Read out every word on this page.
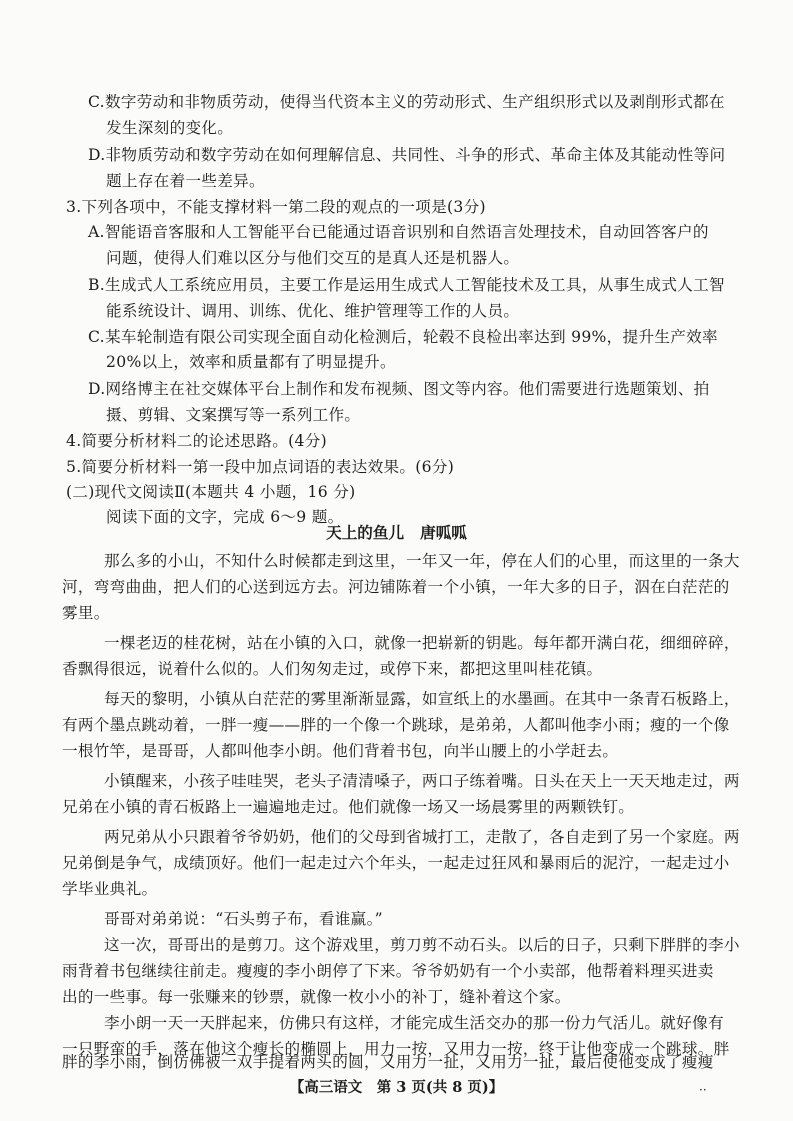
C.数字劳动和非物质劳动，使得当代资本主义的劳动形式、生产组织形式以及剥削形式都在
发生深刻的变化。
D.非物质劳动和数字劳动在如何理解信息、共同性、斗争的形式、革命主体及其能动性等问
题上存在着一些差异。
3.下列各项中，不能支撑材料一第二段的观点的一项是(3分)
A.智能语音客服和人工智能平台已能通过语音识别和自然语言处理技术，自动回答客户的
问题，使得人们难以区分与他们交互的是真人还是机器人。
B.生成式人工系统应用员，主要工作是运用生成式人工智能技术及工具，从事生成式人工智
能系统设计、调用、训练、优化、维护管理等工作的人员。
C.某车轮制造有限公司实现全面自动化检测后，轮毂不良检出率达到 99%，提升生产效率
20%以上，效率和质量都有了明显提升。
D.网络博主在社交媒体平台上制作和发布视频、图文等内容。他们需要进行选题策划、拍
摄、剪辑、文案撰写等一系列工作。
4.简要分析材料二的论述思路。(4分)
5.简要分析材料一第一段中加点词语的表达效果。(6分)
(二)现代文阅读Ⅱ(本题共 4 小题，16 分)
阅读下面的文字，完成 6～9 题。
天上的鱼儿 唐呱呱
那么多的小山，不知什么时候都走到这里，一年又一年，停在人们的心里，而这里的一条大
河，弯弯曲曲，把人们的心送到远方去。河边铺陈着一个小镇，一年大多的日子，泅在白茫茫的
雾里。
一棵老迈的桂花树，站在小镇的入口，就像一把崭新的钥匙。每年都开满白花，细细碎碎，
香飘得很远，说着什么似的。人们匆匆走过，或停下来，都把这里叫桂花镇。
每天的黎明，小镇从白茫茫的雾里渐渐显露，如宣纸上的水墨画。在其中一条青石板路上，
有两个墨点跳动着，一胖一瘦——胖的一个像一个跳球，是弟弟，人都叫他李小雨；瘦的一个像
一根竹竿，是哥哥，人都叫他李小朗。他们背着书包，向半山腰上的小学赶去。
小镇醒来，小孩子哇哇哭，老头子清清嗓子，两口子练着嘴。日头在天上一天天地走过，两
兄弟在小镇的青石板路上一遍遍地走过。他们就像一场又一场晨雾里的两颗铁钉。
两兄弟从小只跟着爷爷奶奶，他们的父母到省城打工，走散了，各自走到了另一个家庭。两
兄弟倒是争气，成绩顶好。他们一起走过六个年头，一起走过狂风和暴雨后的泥泞，一起走过小
学毕业典礼。
哥哥对弟弟说：“石头剪子布，看谁赢。”
这一次，哥哥出的是剪刀。这个游戏里，剪刀剪不动石头。以后的日子，只剩下胖胖的李小
雨背着书包继续往前走。瘦瘦的李小朗停了下来。爷爷奶奶有一个小卖部，他帮着料理买进卖
出的一些事。每一张赚来的钞票，就像一枚小小的补丁，缝补着这个家。
李小朗一天一天胖起来，仿佛只有这样，才能完成生活交办的那一份力气活儿。就好像有
一只野蛮的手，落在他这个瘦长的椭圆上，用力一按，又用力一按，终于让他变成一个跳球。胖
【高三语文　第 3 页(共 8 页)】	··
胖的李小雨，倒仿佛被一双手提着两头的圆，又用力一扯，又用力一扯，最后使他变成了瘦瘦
